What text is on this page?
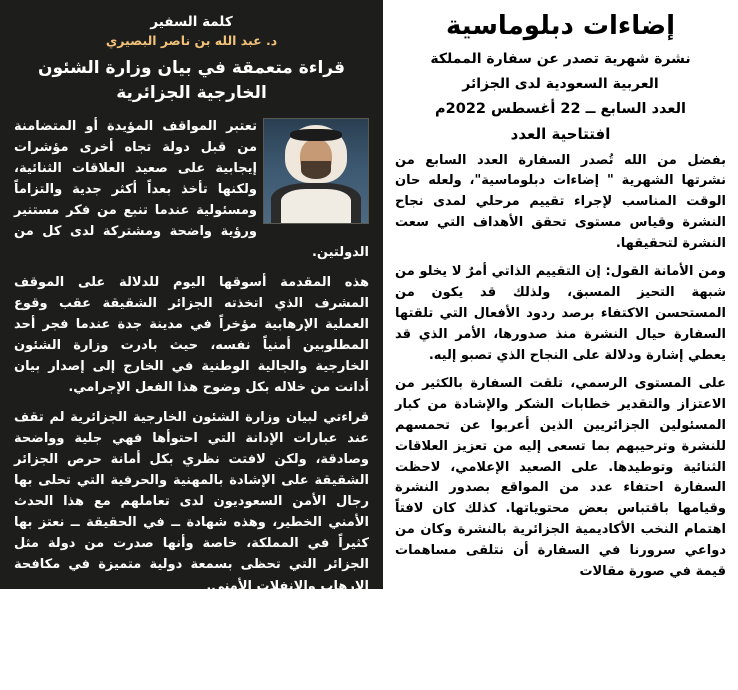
إضاءات دبلوماسية
نشرة شهرية تصدر عن سفارة المملكة
العربية السعودية لدى الجزائر
العدد السابع ــ 22 أغسطس 2022م
افتتاحية العدد

بفضل من الله تُصدر السفارة العدد السابع من نشرتها الشهرية " إضاءات دبلوماسية"، ولعله حان الوقت المناسب لإجراء تقييم مرحلي لمدى نجاح النشرة وقياس مستوى تحقق الأهداف التي سعت النشرة لتحقيقها.

ومن الأمانة القول: إن التقييم الذاتي أمرٌ لا يخلو من شبهة التحيز المسبق، ولذلك قد يكون من المستحسن الاكتفاء برصد ردود الأفعال التي تلقتها السفارة حيال النشرة منذ صدورها، الأمر الذي قد يعطي إشارة ودلالة على النجاح الذي تصبو إليه.

على المستوى الرسمي، تلقت السفارة بالكثير من الاعتزاز والتقدير خطابات الشكر والإشادة من كبار المسئولين الجزائريين الذين أعربوا عن تحمسهم للنشرة وترحيبهم بما تسعى إليه من تعزيز العلاقات الثنائية وتوطيدها. على الصعيد الإعلامي، لاحظت السفارة احتفاء عدد من المواقع بصدور النشرة وقيامها باقتباس بعض محتوياتها. كذلك كان لافتاً اهتمام النخب الأكاديمية الجزائرية بالنشرة وكان من دواعي سرورنا في السفارة أن نتلقى مساهمات قيمة في صورة مقالات

كلمة السفير
د. عبد الله بن ناصر البصيري
قراءة متعمقة في بيان وزارة الشئون الخارجية الجزائرية

تعتبر المواقف المؤيدة أو المتضامنة من قبل دولة تجاه أخرى مؤشرات إيجابية على صعيد العلاقات الثنائية، ولكنها تأخذ بعداً أكثر جدية والتزاماً ومسئولية عندما تنبع من فكر مستنير ورؤية واضحة ومشتركة لدى كل من الدولتين.

هذه المقدمة أسوقها اليوم للدلالة على الموقف المشرف الذي اتخذته الجزائر الشقيقة عقب وقوع العملية الإرهابية مؤخراً في مدينة جدة عندما فجر أحد المطلوبين أمنياً نفسه، حيث بادرت وزارة الشئون الخارجية والجالية الوطنية في الخارج إلى إصدار بيان أدانت من خلاله بكل وضوح هذا الفعل الإجرامي.

قراءتي لبيان وزارة الشئون الخارجية الجزائرية لم تقف عند عبارات الإدانة التي احتوأها فهي جلية وواضحة وصادقة، ولكن لافتت نظري بكل أمانة حرص الجزائر الشقيقة على الإشادة بالمهنية والحرفية التي تحلى بها رجال الأمن السعوديون لدى تعاملهم مع هذا الحدث الأمني الخطير، وهذه شهادة ــ في الحقيقة ــ نعتز بها كثيراً في المملكة، خاصة وأنها صدرت من دولة مثل الجزائر التي تحظى بسمعة دولية متميزة في مكافحة الإرهاب والانفلات الأمني.

كذلك قرأت في بيان وزارة الشئون الخارجية الجزائرية مستوىً متقدماً من الوعي بخطورة الإرهاب، وأن مسئولية مكافحة واستئصال شأفته ليست مسئولية دولة أو جهة بعينها، وإنما هي
